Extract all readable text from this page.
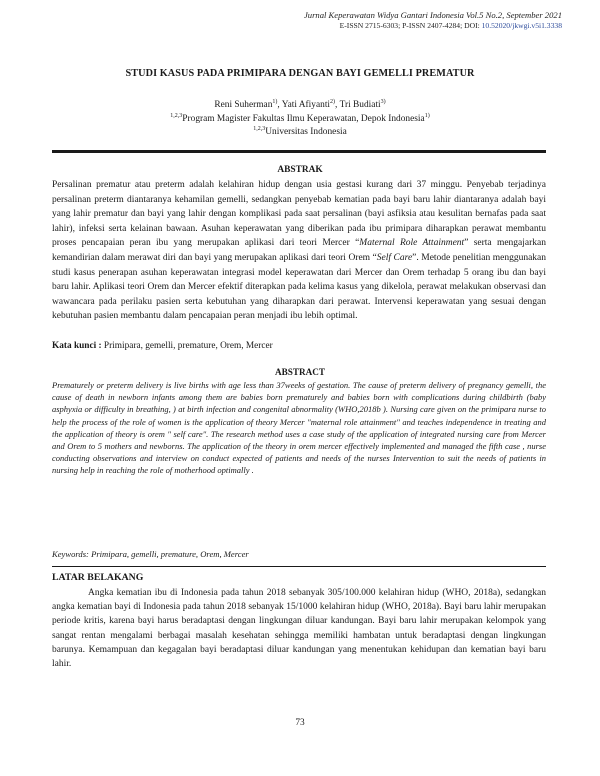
Jurnal Keperawatan Widya Gantari Indonesia Vol.5 No.2, September 2021
E-ISSN 2715-6303; P-ISSN 2407-4284; DOI: 10.52020/jkwgi.v5i1.3338
STUDI KASUS PADA PRIMIPARA DENGAN BAYI GEMELLI PREMATUR
Reni Suherman$^{1)}$, Yati Afiyanti$^{2)}$, Tri Budiati$^{3)}$
$^{1,2,3}$Program Magister Fakultas Ilmu Keperawatan, Depok Indonesia$^{1)}$
$^{1,2,3}$Universitas Indonesia
ABSTRAK
Persalinan prematur atau preterm adalah kelahiran hidup dengan usia gestasi kurang dari 37 minggu. Penyebab terjadinya persalinan preterm diantaranya kehamilan gemelli, sedangkan penyebab kematian pada bayi baru lahir diantaranya adalah bayi yang lahir prematur dan bayi yang lahir dengan komplikasi pada saat persalinan (bayi asfiksia atau kesulitan bernafas pada saat lahir), infeksi serta kelainan bawaan. Asuhan keperawatan yang diberikan pada ibu primipara diharapkan perawat membantu proses pencapaian peran ibu yang merupakan aplikasi dari teori Mercer “Maternal Role Attainment” serta mengajarkan kemandirian dalam merawat diri dan bayi yang merupakan aplikasi dari teori Orem “Self Care”. Metode penelitian menggunakan studi kasus penerapan asuhan keperawatan integrasi model keperawatan dari Mercer dan Orem terhadap 5 orang ibu dan bayi baru lahir. Aplikasi teori Orem dan Mercer efektif diterapkan pada kelima kasus yang dikelola, perawat melakukan observasi dan wawancara pada perilaku pasien serta kebutuhan yang diharapkan dari perawat. Intervensi keperawatan yang sesuai dengan kebutuhan pasien membantu dalam pencapaian peran menjadi ibu lebih optimal.
Kata kunci : Primipara, gemelli, premature, Orem, Mercer
ABSTRACT
Prematurely or preterm delivery is live births with age less than 37weeks of gestation. The cause of preterm delivery of pregnancy gemelli, the cause of death in newborn infants among them are babies born prematurely and babies born with complications during childbirth (baby asphyxia or difficulty in breathing, ) at birth infection and congenital abnormality (WHO,2018b ). Nursing care given on the primipara nurse to help the process of the role of women is the application of theory Mercer "maternal role attainment" and teaches independence in treating and the application of theory is orem " self care". The research method uses a case study of the application of integrated nursing care from Mercer and Orem to 5 mothers and newborns. The application of the theory in orem mercer effectively implemented and managed the fifth case , nurse conducting observations and interview on conduct expected of patients and needs of the nurses Intervention to suit the needs of patients in nursing help in reaching the role of motherhood optimally .
Keywords: Primipara, gemelli, premature, Orem, Mercer
LATAR BELAKANG
Angka kematian ibu di Indonesia pada tahun 2018 sebanyak 305/100.000 kelahiran hidup (WHO, 2018a), sedangkan angka kematian bayi di Indonesia pada tahun 2018 sebanyak 15/1000 kelahiran hidup (WHO, 2018a). Bayi baru lahir merupakan periode kritis, karena bayi harus beradaptasi dengan lingkungan diluar kandungan. Bayi baru lahir merupakan kelompok yang sangat rentan mengalami berbagai masalah kesehatan sehingga memiliki hambatan untuk beradaptasi dengan lingkungan barunya. Kemampuan dan kegagalan bayi beradaptasi diluar kandungan yang menentukan kehidupan dan kematian bayi baru lahir.
73
